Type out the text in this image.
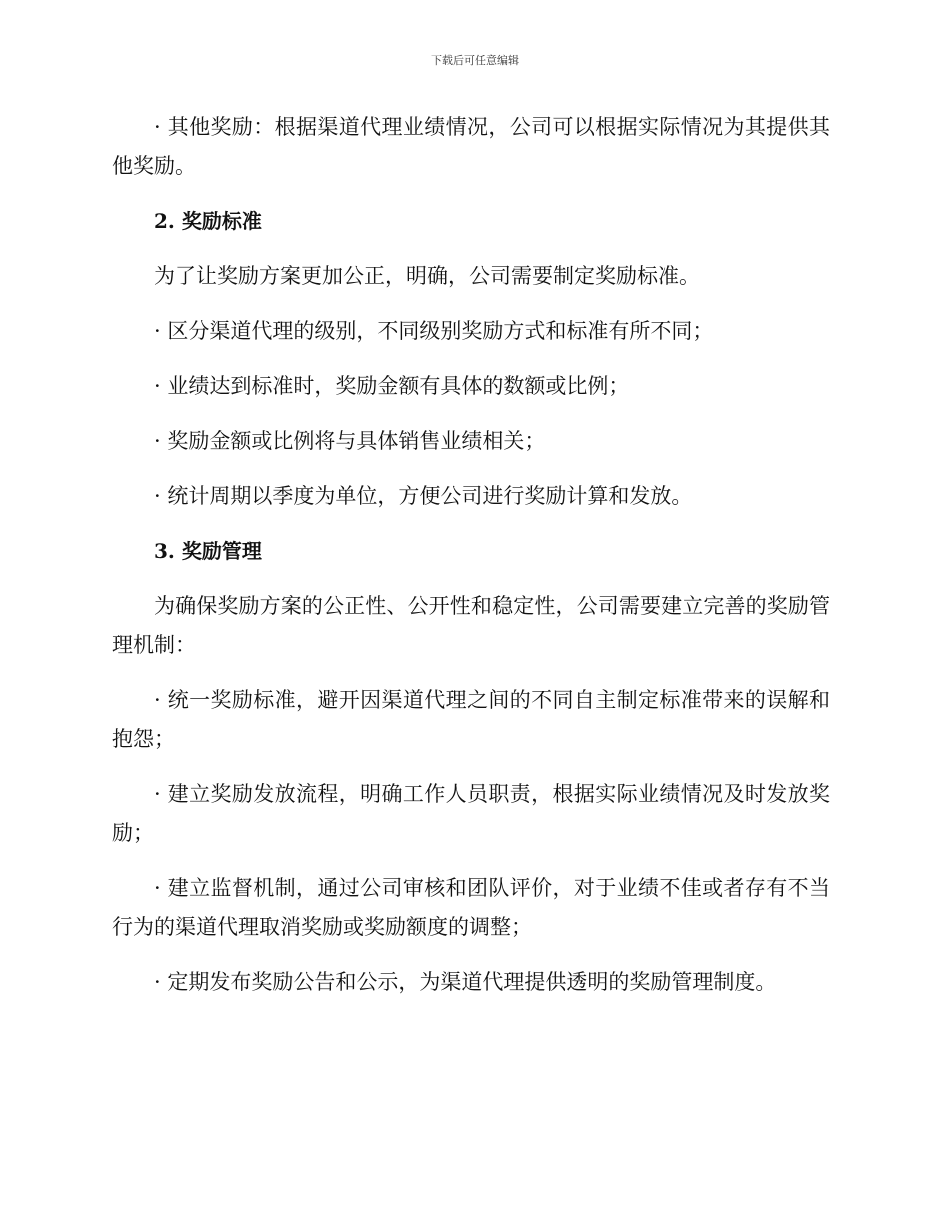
下载后可任意编辑

· 其他奖励：根据渠道代理业绩情况，公司可以根据实际情况为其提供其他奖励。

2. 奖励标准

为了让奖励方案更加公正，明确，公司需要制定奖励标准。

· 区分渠道代理的级别，不同级别奖励方式和标准有所不同；

· 业绩达到标准时，奖励金额有具体的数额或比例；

· 奖励金额或比例将与具体销售业绩相关；

· 统计周期以季度为单位，方便公司进行奖励计算和发放。

3. 奖励管理

为确保奖励方案的公正性、公开性和稳定性，公司需要建立完善的奖励管理机制：

· 统一奖励标准，避开因渠道代理之间的不同自主制定标准带来的误解和抱怨；

· 建立奖励发放流程，明确工作人员职责，根据实际业绩情况及时发放奖励；

· 建立监督机制，通过公司审核和团队评价，对于业绩不佳或者存有不当行为的渠道代理取消奖励或奖励额度的调整；

· 定期发布奖励公告和公示，为渠道代理提供透明的奖励管理制度。
